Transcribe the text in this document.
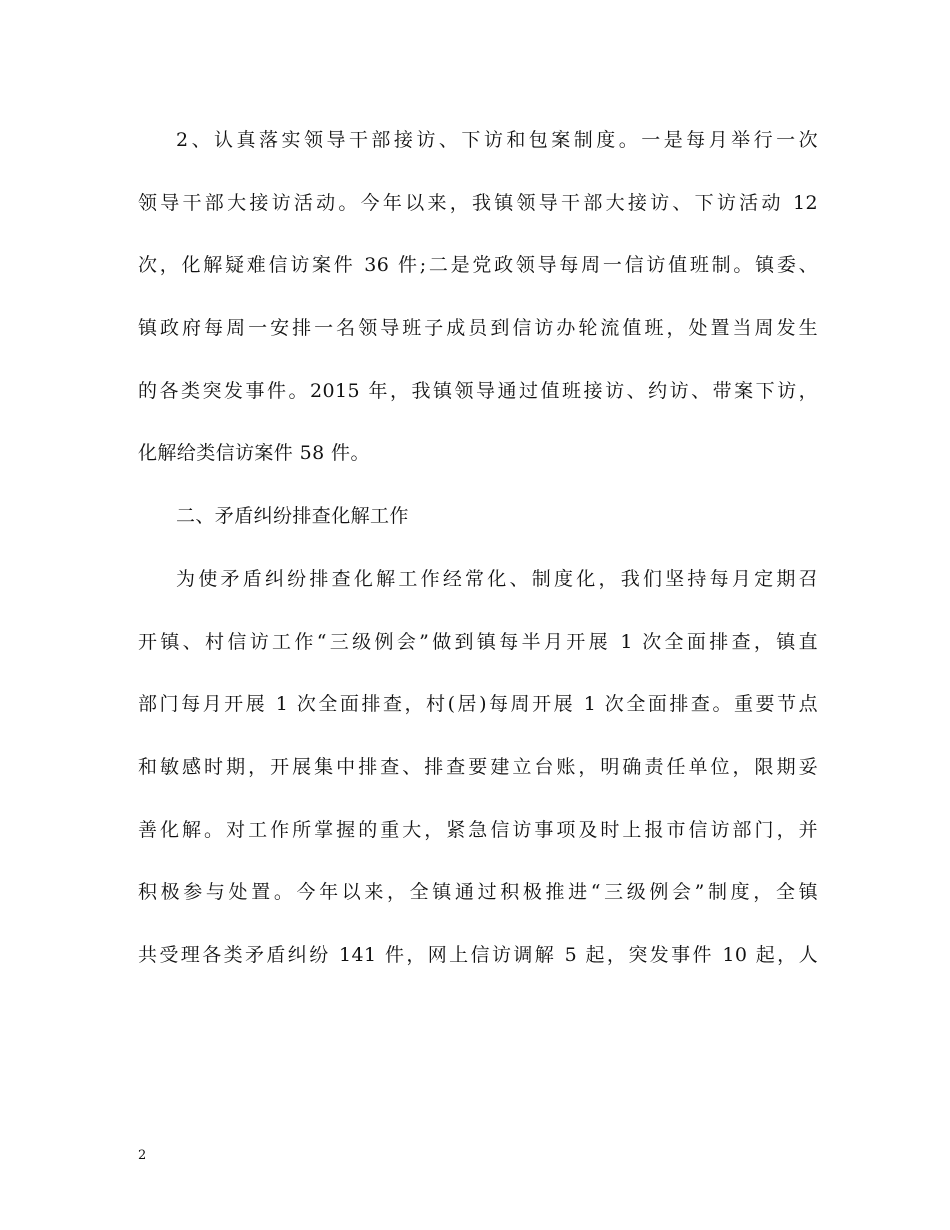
2、认真落实领导干部接访、下访和包案制度。一是每月举行一次
领导干部大接访活动。今年以来，我镇领导干部大接访、下访活动 12
次，化解疑难信访案件 36 件;二是党政领导每周一信访值班制。镇委、
镇政府每周一安排一名领导班子成员到信访办轮流值班，处置当周发生
的各类突发事件。2015 年，我镇领导通过值班接访、约访、带案下访，
化解给类信访案件 58 件。
二、矛盾纠纷排查化解工作
为使矛盾纠纷排查化解工作经常化、制度化，我们坚持每月定期召
开镇、村信访工作“三级例会”做到镇每半月开展 1 次全面排查，镇直
部门每月开展 1 次全面排查，村(居)每周开展 1 次全面排查。重要节点
和敏感时期，开展集中排查、排查要建立台账，明确责任单位，限期妥
善化解。对工作所掌握的重大，紧急信访事项及时上报市信访部门，并
积极参与处置。今年以来，全镇通过积极推进“三级例会”制度，全镇
共受理各类矛盾纠纷 141 件，网上信访调解 5 起，突发事件 10 起，人
2
